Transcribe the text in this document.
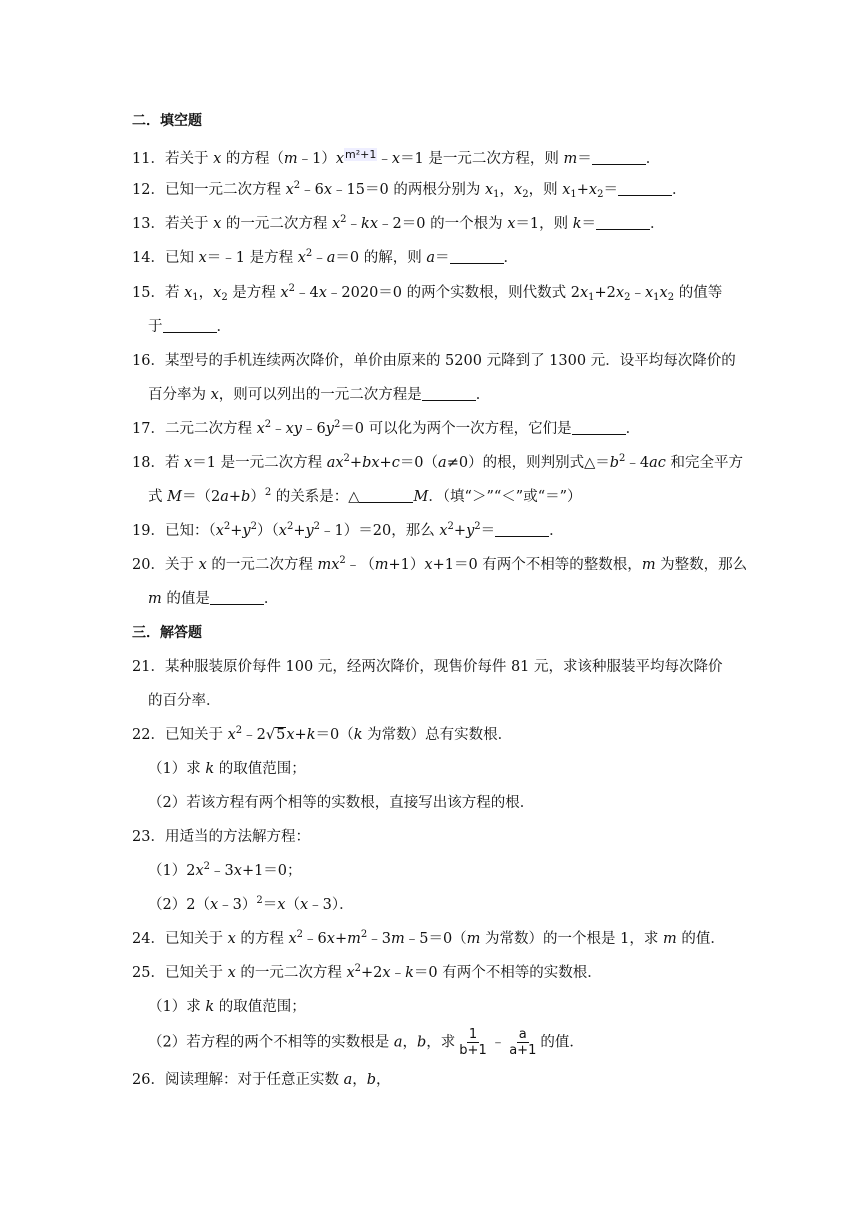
二．填空题
11．若关于 x 的方程$(m﹣1)x^{m^2+1}﹣x=1$ 是一元二次方程，则 m＝	．
12．已知一元二次方程 $x^2﹣6x﹣15=0$ 的两根分别为 $x_1$，$x_2$，则 $x_1+x_2=$	．
13．若关于 x 的一元二次方程 $x^2﹣kx﹣2=0$ 的一个根为 x＝1，则 k＝	．
14．已知 x＝﹣1 是方程 $x^2﹣a=0$ 的解，则 a＝	．
15．若 $x_1$，$x_2$ 是方程 $x^2﹣4x﹣2020=0$ 的两个实数根，则代数式 $2x_1+2x_2﹣x_1x_2$ 的值等
于	．
16．某型号的手机连续两次降价，单价由原来的 5200 元降到了 1300 元．设平均每次降价的
百分率为 x，则可以列出的一元二次方程是	．
17．二元二次方程 $x^2﹣xy﹣6y^2=0$ 可以化为两个一次方程，它们是	．
18．若 x＝1 是一元二次方程 $ax^2+bx+c=0(a\ne 0)$的根，则判别式$\triangle=b^2﹣4ac$ 和完全平方
式 $M=(2a+b)^2$ 的关系是：△	M．（填“＞”“＜”或“＝”）
19．已知：$(x^2+y^2)(x^2+y^2﹣1)=20$，那么 $x^2+y^2=$	．
20．关于 x 的一元二次方程 $mx^2﹣(m+1)x+1=0$ 有两个不相等的整数根，m 为整数，那么
m 的值是	．
三．解答题
21．某种服装原价每件 100 元，经两次降价，现售价每件 81 元，求该种服装平均每次降价
的百分率．
22．已知关于 $x^2﹣2√5x+k=0(k$ 为常数）总有实数根．
（1）求 k 的取值范围；
（2）若该方程有两个相等的实数根，直接写出该方程的根．
23．用适当的方法解方程：
$(1)2x^2﹣3x+1=0$；
（2）2（x﹣3）$^2$＝x（x﹣3）．
24．已知关于 x 的方程 $x^2﹣6x+m^2﹣3m﹣5=0(m$ 为常数）的一个根是 1，求 m 的值．
25．已知关于 x 的一元二次方程 $x^2+2x﹣k=0$ 有两个不相等的实数根．
（1）求 k 的取值范围；
（2）若方程的两个不相等的实数根是 a，b，求 $\frac{1}{b+1}$ ﹣ $\frac{a}{a+1}$ 的值．
26．阅读理解：对于任意正实数 a，b，
